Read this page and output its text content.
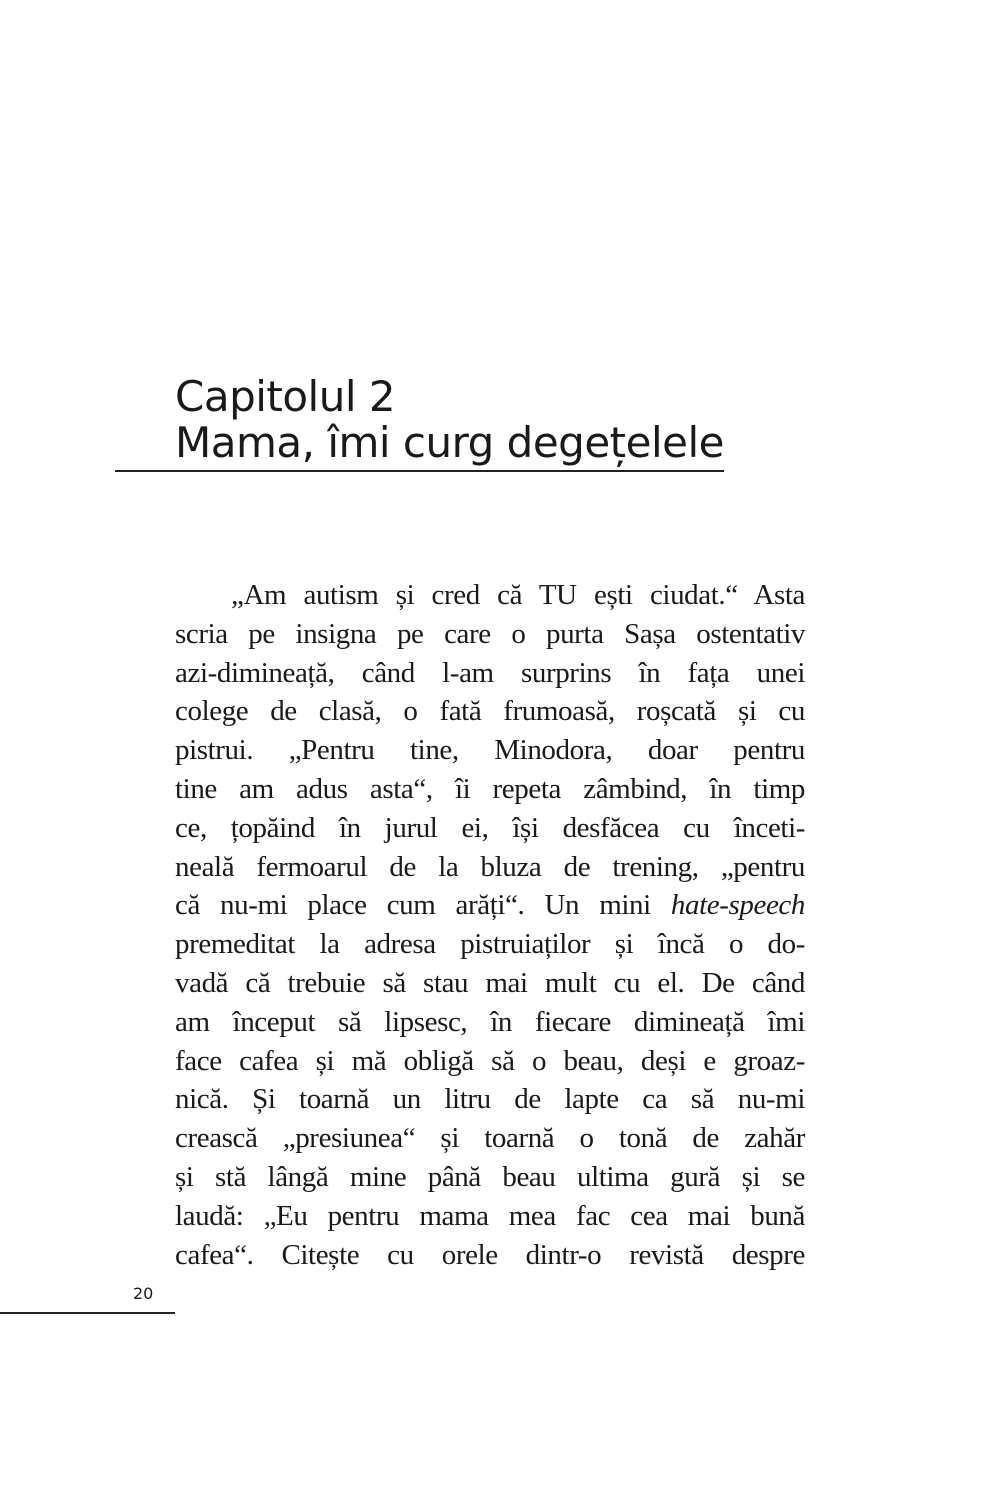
Capitolul 2
Mama, îmi curg degețelele
„Am autism și cred că TU ești ciudat.“ Asta
scria pe insigna pe care o purta Sașa ostentativ
azi-dimineață, când l-am surprins în fața unei
colege de clasă, o fată frumoasă, roșcată și cu
pistrui. „Pentru tine, Minodora, doar pentru
tine am adus asta“, îi repeta zâmbind, în timp
ce, țopăind în jurul ei, își desfăcea cu înceti-
neală fermoarul de la bluza de trening, „pentru
că nu-mi place cum arăți“. Un mini hate-speech
premeditat la adresa pistruiaților și încă o do-
vadă că trebuie să stau mai mult cu el. De când
am început să lipsesc, în fiecare dimineață îmi
face cafea și mă obligă să o beau, deși e groaz-
nică. Și toarnă un litru de lapte ca să nu-mi
crească „presiunea“ și toarnă o tonă de zahăr
și stă lângă mine până beau ultima gură și se
laudă: „Eu pentru mama mea fac cea mai bună
cafea“. Citește cu orele dintr-o revistă despre
20
